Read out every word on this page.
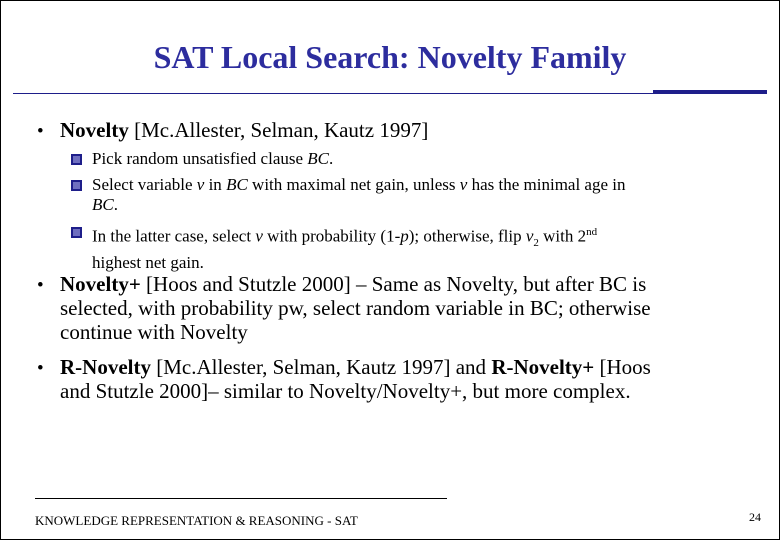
SAT Local Search: Novelty Family
• Novelty [Mc.Allester, Selman, Kautz 1997]
Pick random unsatisfied clause BC.
Select variable v in BC with maximal net gain, unless v has the minimal age in
BC.
In the latter case, select v with probability (1-p); otherwise, flip $v_2$ with 2nd
highest net gain.
• Novelty+ [Hoos and Stutzle 2000] – Same as Novelty, but after BC is
selected, with probability pw, select random variable in BC; otherwise
continue with Novelty
• R-Novelty [Mc.Allester, Selman, Kautz 1997] and R-Novelty+ [Hoos
and Stutzle 2000]– similar to Novelty/Novelty+, but more complex.
KNOWLEDGE REPRESENTATION & REASONING - SAT	24
